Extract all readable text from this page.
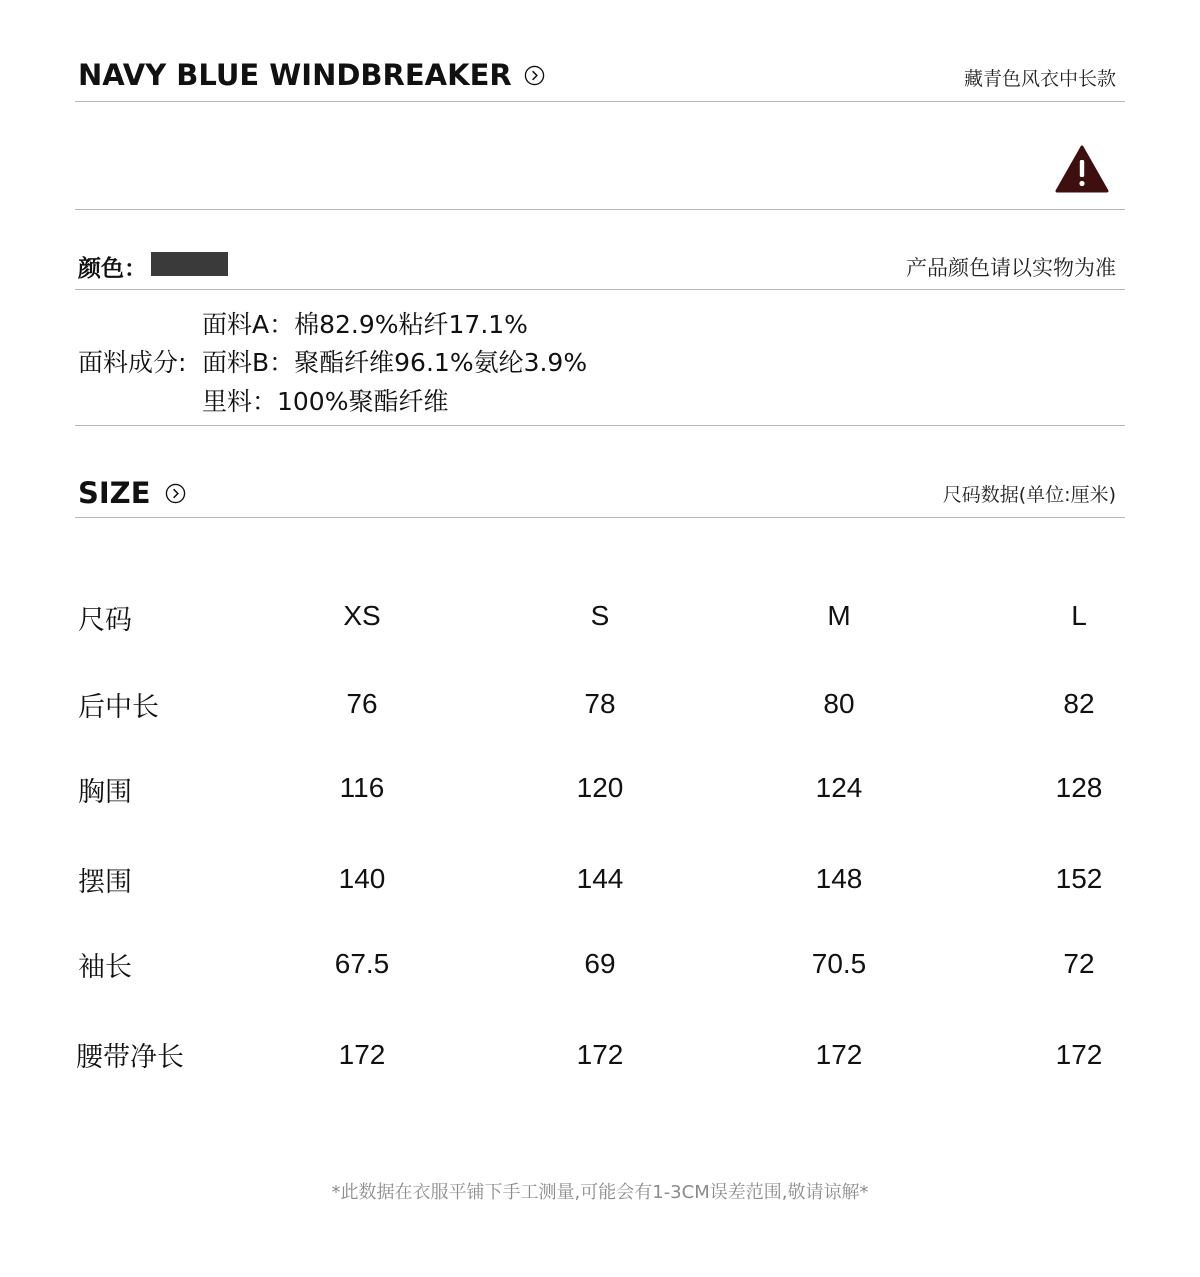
NAVY BLUE WINDBREAKER	藏青色风衣中长款
颜色：	产品颜色请以实物为准
面料成分:
面料A：棉82.9%粘纤17.1%
面料B：聚酯纤维96.1%氨纶3.9%
里料：100%聚酯纤维
SIZE	尺码数据(单位:厘米)
尺码	XS	S	M	L
后中长	76	78	80	82
胸围	116	120	124	128
摆围	140	144	148	152
袖长	67.5	69	70.5	72
腰带净长	172	172	172	172
*此数据在衣服平铺下手工测量,可能会有1-3CM误差范围,敬请谅解*
